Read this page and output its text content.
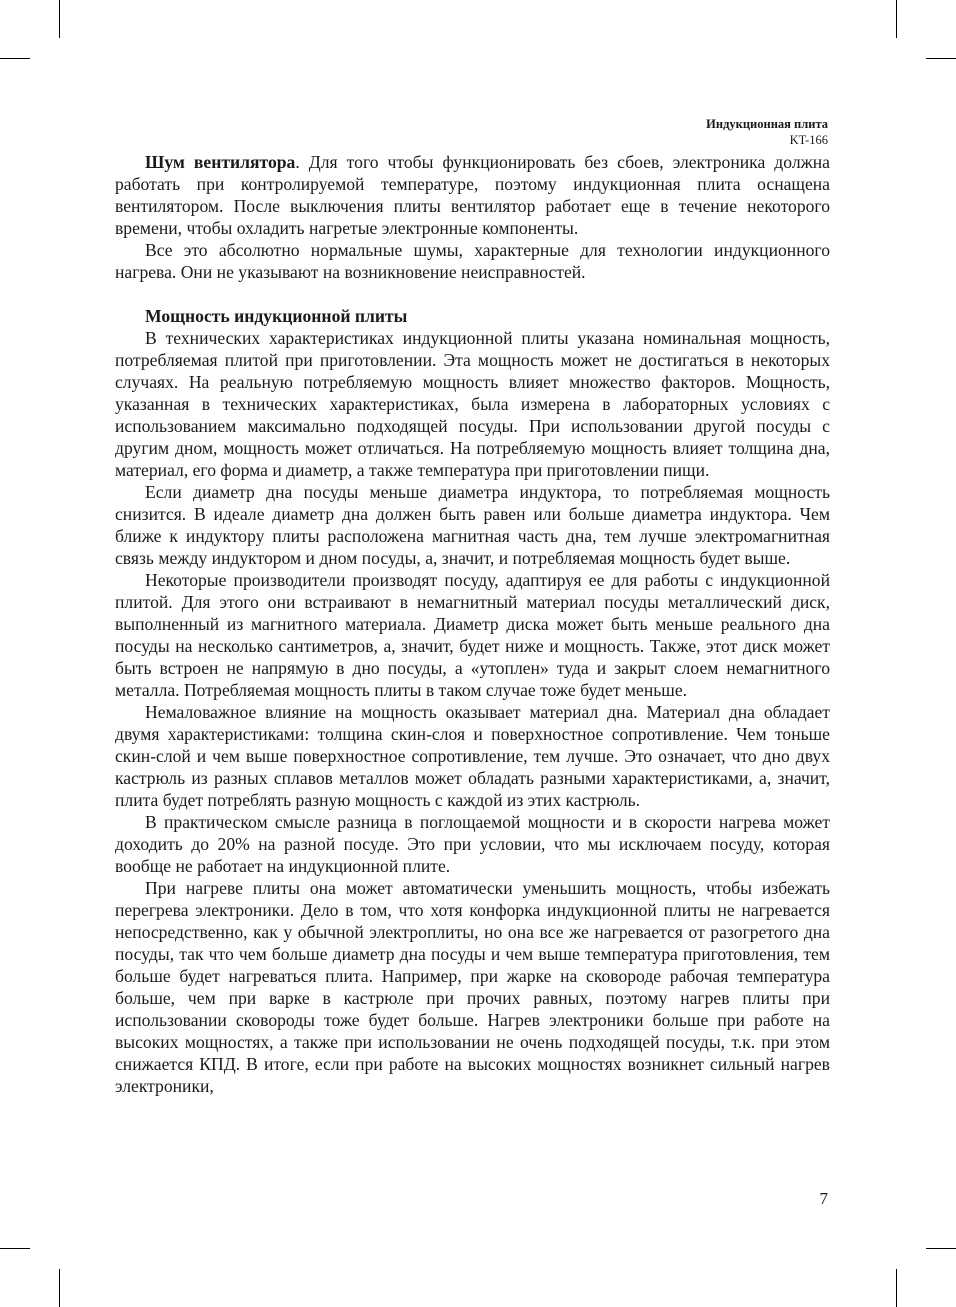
Индукционная плита
KT-166

Шум вентилятора. Для того чтобы функционировать без сбоев, электроника должна работать при контролируемой температуре, поэтому индукционная плита оснащена вентилятором. После выключения плиты вентилятор работает еще в течение некоторого времени, чтобы охладить нагретые электронные компоненты.

Все это абсолютно нормальные шумы, характерные для технологии индукционного нагрева. Они не указывают на возникновение неисправностей.

Мощность индукционной плиты

В технических характеристиках индукционной плиты указана номинальная мощность, потребляемая плитой при приготовлении. Эта мощность может не достигаться в некоторых случаях. На реальную потребляемую мощность влияет множество факторов. Мощность, указанная в технических характеристиках, была измерена в лабораторных условиях с использованием максимально подходящей посуды. При использовании другой посуды с другим дном, мощность может отличаться. На потребляемую мощность влияет толщина дна, материал, его форма и диаметр, а также температура при приготовлении пищи.

Если диаметр дна посуды меньше диаметра индуктора, то потребляемая мощность снизится. В идеале диаметр дна должен быть равен или больше диаметра индуктора. Чем ближе к индуктору плиты расположена магнитная часть дна, тем лучше электромагнитная связь между индуктором и дном посуды, а, значит, и потребляемая мощность будет выше.

Некоторые производители производят посуду, адаптируя ее для работы с индукционной плитой. Для этого они встраивают в немагнитный материал посуды металлический диск, выполненный из магнитного материала. Диаметр диска может быть меньше реального дна посуды на несколько сантиметров, а, значит, будет ниже и мощность. Также, этот диск может быть встроен не напрямую в дно посуды, а «утоплен» туда и закрыт слоем немагнитного металла. Потребляемая мощность плиты в таком случае тоже будет меньше.

Немаловажное влияние на мощность оказывает материал дна. Материал дна обладает двумя характеристиками: толщина скин-слоя и поверхностное сопротивление. Чем тоньше скин-слой и чем выше поверхностное сопротивление, тем лучше. Это означает, что дно двух кастрюль из разных сплавов металлов может обладать разными характеристиками, а, значит, плита будет потреблять разную мощность с каждой из этих кастрюль.

В практическом смысле разница в поглощаемой мощности и в скорости нагрева может доходить до 20% на разной посуде. Это при условии, что мы исключаем посуду, которая вообще не работает на индукционной плите.

При нагреве плиты она может автоматически уменьшить мощность, чтобы избежать перегрева электроники. Дело в том, что хотя конфорка индукционной плиты не нагревается непосредственно, как у обычной электроплиты, но она все же нагревается от разогретого дна посуды, так что чем больше диаметр дна посуды и чем выше температура приготовления, тем больше будет нагреваться плита. Например, при жарке на сковороде рабочая температура больше, чем при варке в кастрюле при прочих равных, поэтому нагрев плиты при использовании сковороды тоже будет больше. Нагрев электроники больше при работе на высоких мощностях, а также при использовании не очень подходящей посуды, т.к. при этом снижается КПД. В итоге, если при работе на высоких мощностях возникнет сильный нагрев электроники,

7
